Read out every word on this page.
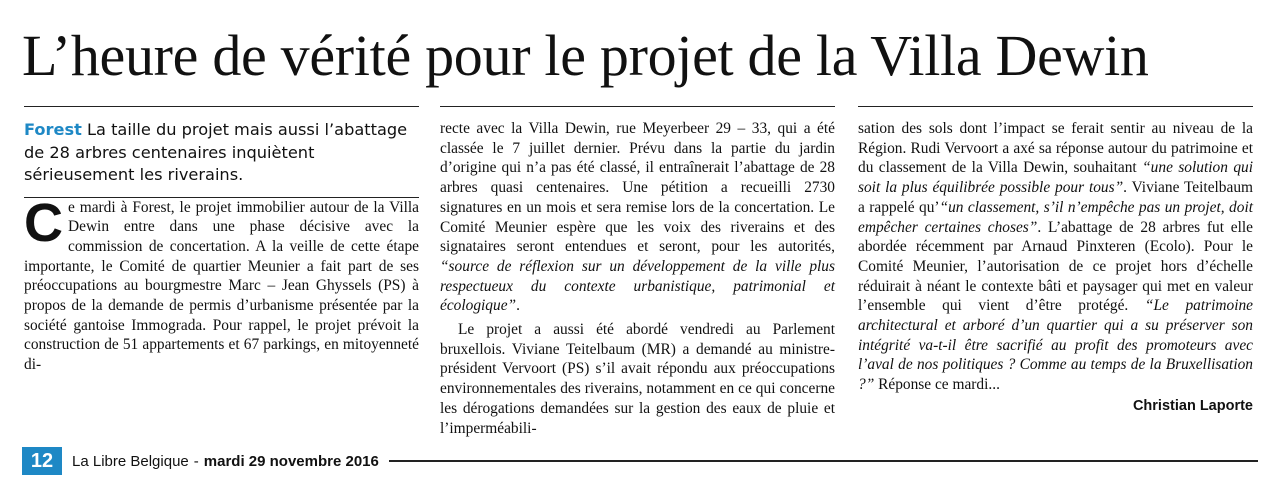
L’heure de vérité pour le projet de la Villa Dewin
Forest La taille du projet mais aussi l’abattage de 28 arbres centenaires inquiètent sérieusement les riverains.

Ce mardi à Forest, le projet immobilier autour de la Villa Dewin entre dans une phase décisive avec la commission de concertation. A la veille de cette étape importante, le Comité de quartier Meunier a fait part de ses préoccupations au bourgmestre Marc – Jean Ghyssels (PS) à propos de la demande de permis d’urbanisme présentée par la société gantoise Immograda. Pour rappel, le projet prévoit la construction de 51 appartements et 67 parkings, en mitoyenneté di-

recte avec la Villa Dewin, rue Meyerbeer 29 – 33, qui a été classée le 7 juillet dernier. Prévu dans la partie du jardin d’origine qui n’a pas été classé, il entraînerait l’abattage de 28 arbres quasi centenaires. Une pétition a recueilli 2730 signatures en un mois et sera remise lors de la concertation. Le Comité Meunier espère que les voix des riverains et des signataires seront entendues et seront, pour les autorités, “source de réflexion sur un développement de la ville plus respectueux du contexte urbanistique, patrimonial et écologique”.

Le projet a aussi été abordé vendredi au Parlement bruxellois. Viviane Teitelbaum (MR) a demandé au ministre-président Vervoort (PS) s’il avait répondu aux préoccupations environnementales des riverains, notamment en ce qui concerne les dérogations demandées sur la gestion des eaux de pluie et l’imperméabili-

sation des sols dont l’impact se ferait sentir au niveau de la Région. Rudi Vervoort a axé sa réponse autour du patrimoine et du classement de la Villa Dewin, souhaitant “une solution qui soit la plus équilibrée possible pour tous”. Viviane Teitelbaum a rappelé qu’“un classement, s’il n’empêche pas un projet, doit empêcher certaines choses”. L’abattage de 28 arbres fut elle abordée récemment par Arnaud Pinxteren (Ecolo). Pour le Comité Meunier, l’autorisation de ce projet hors d’échelle réduirait à néant le contexte bâti et paysager qui met en valeur l’ensemble qui vient d’être protégé. “Le patrimoine architectural et arboré d’un quartier qui a su préserver son intégrité va-t-il être sacrifié au profit des promoteurs avec l’aval de nos politiques ? Comme au temps de la Bruxellisation ?” Réponse ce mardi...

Christian Laporte
12	La Libre Belgique - mardi 29 novembre 2016
